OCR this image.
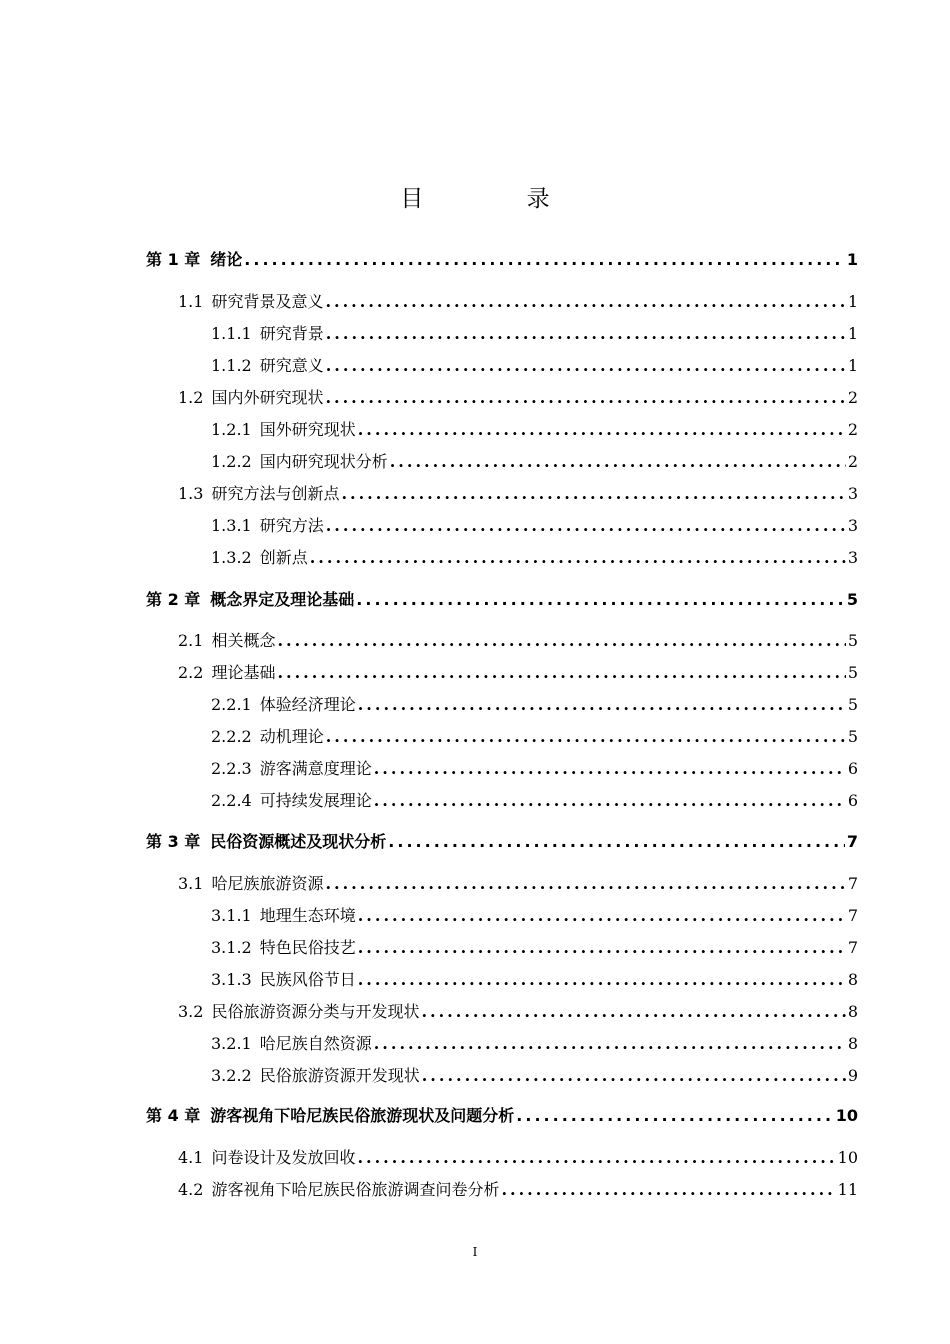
目 录
第 1 章 绪论 .....	1
1.1 研究背景及意义 .....	1
1.1.1 研究背景 .....	1
1.1.2 研究意义 .....	1
1.2 国内外研究现状 .....	2
1.2.1 国外研究现状 .....	2
1.2.2 国内研究现状分析 .....	2
1.3 研究方法与创新点 .....	3
1.3.1 研究方法 .....	3
1.3.2 创新点 .....	3
第 2 章 概念界定及理论基础 .....	5
2.1 相关概念 .....	5
2.2 理论基础 .....	5
2.2.1 体验经济理论 .....	5
2.2.2 动机理论 .....	5
2.2.3 游客满意度理论 .....	6
2.2.4 可持续发展理论 .....	6
第 3 章 民俗资源概述及现状分析 .....	7
3.1 哈尼族旅游资源 .....	7
3.1.1 地理生态环境 .....	7
3.1.2 特色民俗技艺 .....	7
3.1.3 民族风俗节日 .....	8
3.2 民俗旅游资源分类与开发现状 .....	8
3.2.1 哈尼族自然资源 .....	8
3.2.2 民俗旅游资源开发现状 .....	9
第 4 章 游客视角下哈尼族民俗旅游现状及问题分析 .....	10
4.1 问卷设计及发放回收 .....	10
4.2 游客视角下哈尼族民俗旅游调查问卷分析 .....	11
I
